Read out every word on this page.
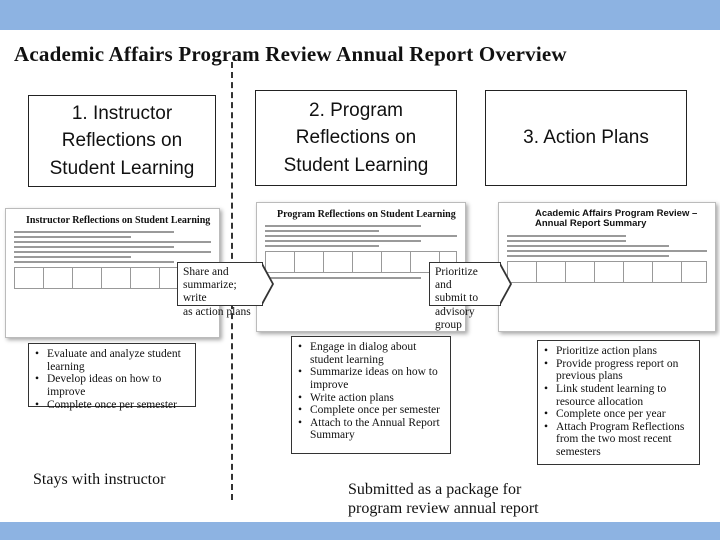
Academic Affairs Program Review Annual Report Overview
1. Instructor
Reflections on
Student Learning
2. Program
Reflections on
Student Learning
3. Action Plans
Instructor Reflections on Student Learning
Program Reflections on Student Learning	Academic Affairs Program Review –
Annual Report Summary
Share and
summarize; write
as action plans
Prioritize and
submit to
advisory group
• Evaluate and analyze student learning
• Develop ideas on how to improve
• Complete once per semester
• Engage in dialog about student learning
• Summarize ideas on how to improve
• Write action plans
• Complete once per semester
• Attach to the Annual Report Summary
• Prioritize action plans
• Provide progress report on previous plans
• Link student learning to resource allocation
• Complete once per year
• Attach Program Reflections from the two most recent semesters
Stays with instructor
Submitted as a package for
program review annual report
